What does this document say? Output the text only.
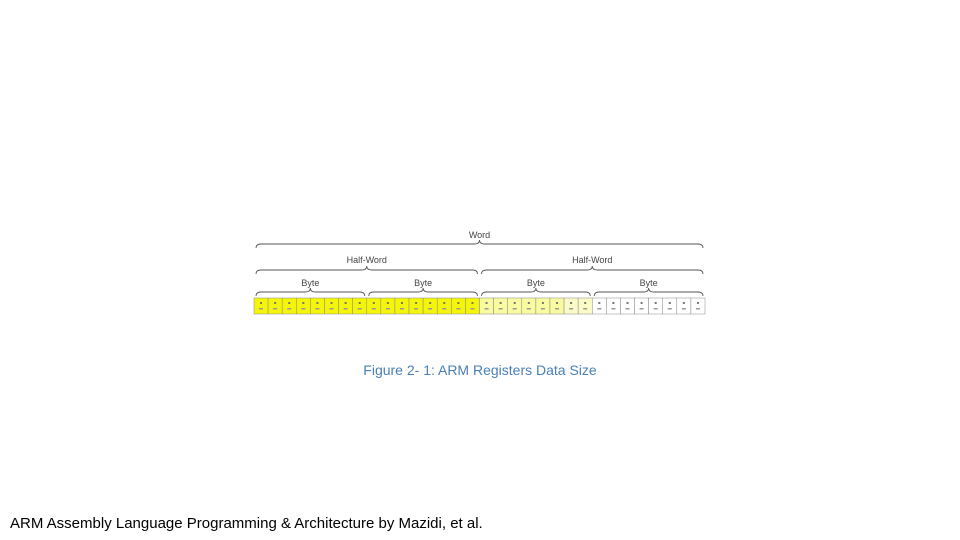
Word
Half-Word	Half-Word
Byte	Byte	Byte	Byte
Figure 2- 1: ARM Registers Data Size
ARM Assembly Language Programming & Architecture by Mazidi, et al.
